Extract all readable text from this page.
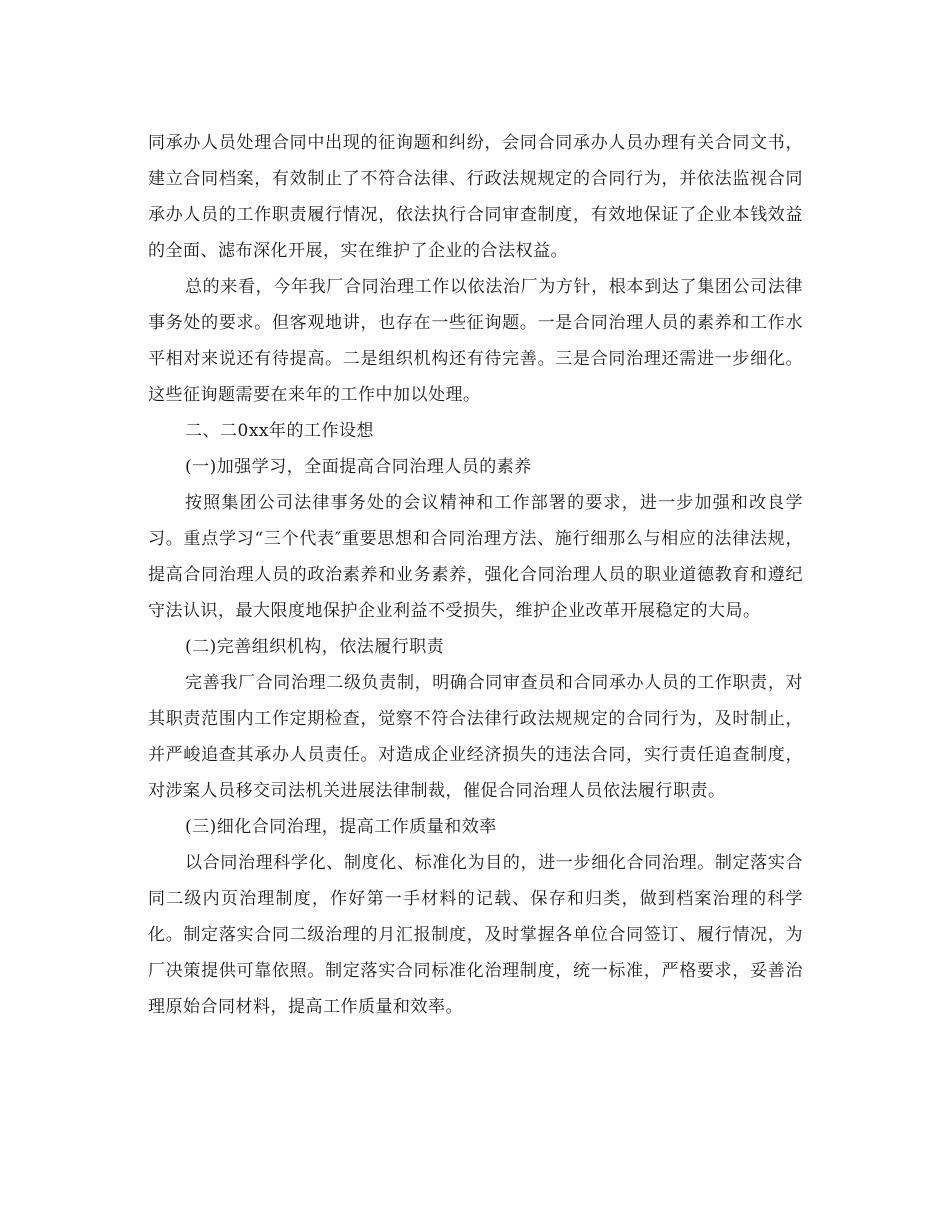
同承办人员处理合同中出现的征询题和纠纷，会同合同承办人员办理有关合同文书，建立合同档案，有效制止了不符合法律、行政法规规定的合同行为，并依法监视合同承办人员的工作职责履行情况，依法执行合同审查制度，有效地保证了企业本钱效益的全面、滤布深化开展，实在维护了企业的合法权益。

总的来看，今年我厂合同治理工作以依法治厂为方针，根本到达了集团公司法律事务处的要求。但客观地讲，也存在一些征询题。一是合同治理人员的素养和工作水平相对来说还有待提高。二是组织机构还有待完善。三是合同治理还需进一步细化。这些征询题需要在来年的工作中加以处理。

二、二0xx年的工作设想

(一)加强学习，全面提高合同治理人员的素养

按照集团公司法律事务处的会议精神和工作部署的要求，进一步加强和改良学习。重点学习“三个代表″重要思想和合同治理方法、施行细那么与相应的法律法规，提高合同治理人员的政治素养和业务素养，强化合同治理人员的职业道德教育和遵纪守法认识，最大限度地保护企业利益不受损失，维护企业改革开展稳定的大局。

(二)完善组织机构，依法履行职责

完善我厂合同治理二级负责制，明确合同审查员和合同承办人员的工作职责，对其职责范围内工作定期检查，觉察不符合法律行政法规规定的合同行为，及时制止，并严峻追查其承办人员责任。对造成企业经济损失的违法合同，实行责任追查制度，对涉案人员移交司法机关进展法律制裁，催促合同治理人员依法履行职责。

(三)细化合同治理，提高工作质量和效率

以合同治理科学化、制度化、标准化为目的，进一步细化合同治理。制定落实合同二级内页治理制度，作好第一手材料的记载、保存和归类，做到档案治理的科学化。制定落实合同二级治理的月汇报制度，及时掌握各单位合同签订、履行情况，为厂决策提供可靠依照。制定落实合同标准化治理制度，统一标准，严格要求，妥善治理原始合同材料，提高工作质量和效率。
